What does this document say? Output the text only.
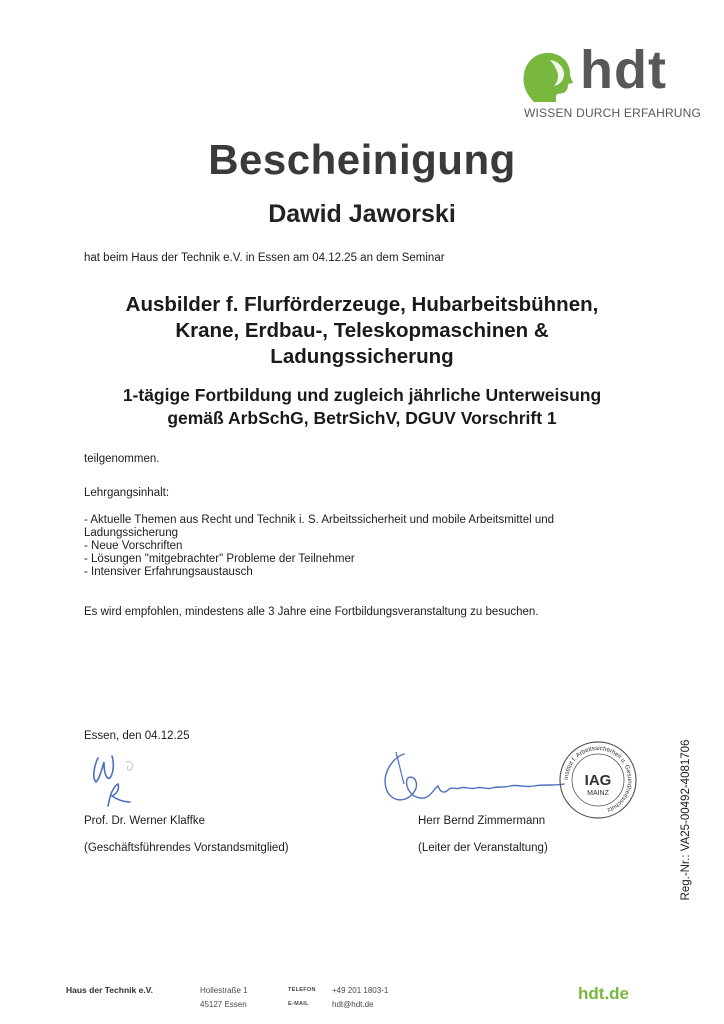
hdt
WISSEN DURCH ERFAHRUNG
Bescheinigung
Dawid Jaworski
hat beim Haus der Technik e.V. in Essen am 04.12.25 an dem Seminar
Ausbilder f. Flurförderzeuge, Hubarbeitsbühnen,
Krane, Erdbau-, Teleskopmaschinen &
Ladungssicherung
1-tägige Fortbildung und zugleich jährliche Unterweisung
gemäß ArbSchG, BetrSichV, DGUV Vorschrift 1
teilgenommen.
Lehrgangsinhalt:
- Aktuelle Themen aus Recht und Technik i. S. Arbeitssicherheit und mobile Arbeitsmittel und
Ladungssicherung
- Neue Vorschriften
- Lösungen "mitgebrachter" Probleme der Teilnehmer
- Intensiver Erfahrungsaustausch
Es wird empfohlen, mindestens alle 3 Jahre eine Fortbildungsveranstaltung zu besuchen.
Essen, den 04.12.25
Institut f. Arbeitssicherheit u. Gesundheitsschutz
IAG
MAINZ
Prof. Dr. Werner Klaffke
(Geschäftsführendes Vorstandsmitglied)
Herr Bernd Zimmermann
(Leiter der Veranstaltung)	Reg.-Nr.: VA25-00492-4081706
Haus der Technik e.V.	Hollestraße 1
45127 Essen
TELEFON
E-MAIL
+49 201 1803-1
hdt@hdt.de
hdt.de
